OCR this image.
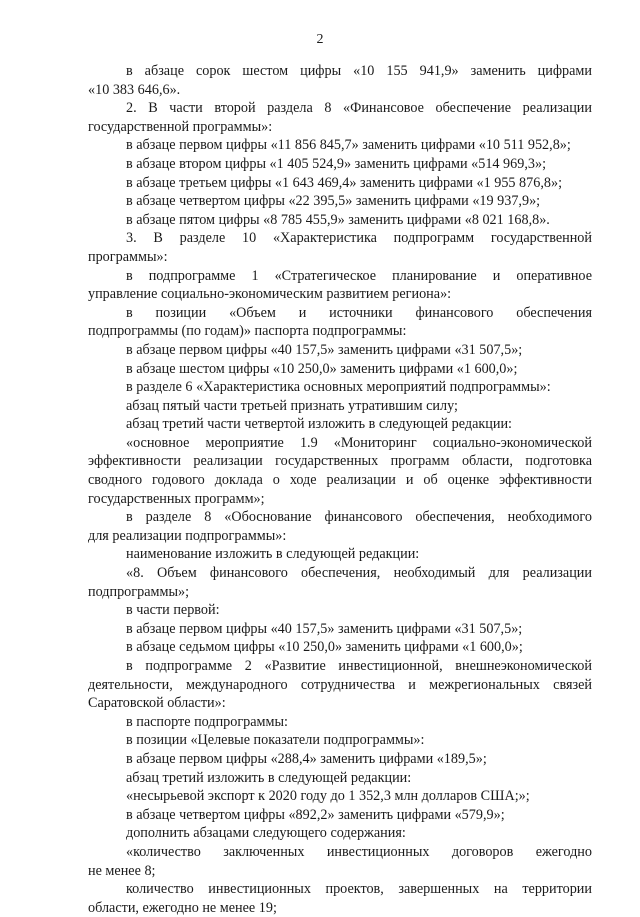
2
в абзаце сорок шестом цифры «10 155 941,9» заменить цифрами
«10 383 646,6».
2. В части второй раздела 8 «Финансовое обеспечение реализации
государственной программы»:
в абзаце первом цифры «11 856 845,7» заменить цифрами «10 511 952,8»;
в абзаце втором цифры «1 405 524,9» заменить цифрами «514 969,3»;
в абзаце третьем цифры «1 643 469,4» заменить цифрами «1 955 876,8»;
в абзаце четвертом цифры «22 395,5» заменить цифрами «19 937,9»;
в абзаце пятом цифры «8 785 455,9» заменить цифрами «8 021 168,8».
3. В разделе 10 «Характеристика подпрограмм государственной
программы»:
в подпрограмме 1 «Стратегическое планирование и оперативное
управление социально-экономическим развитием региона»:
в позиции «Объем и источники финансового обеспечения
подпрограммы (по годам)» паспорта подпрограммы:
в абзаце первом цифры «40 157,5» заменить цифрами «31 507,5»;
в абзаце шестом цифры «10 250,0» заменить цифрами «1 600,0»;
в разделе 6 «Характеристика основных мероприятий подпрограммы»:
абзац пятый части третьей признать утратившим силу;
абзац третий части четвертой изложить в следующей редакции:
«основное мероприятие 1.9 «Мониторинг социально-экономической
эффективности реализации государственных программ области, подготовка
сводного годового доклада о ходе реализации и об оценке эффективности
государственных программ»;
в разделе 8 «Обоснование финансового обеспечения, необходимого
для реализации подпрограммы»:
наименование изложить в следующей редакции:
«8. Объем финансового обеспечения, необходимый для реализации
подпрограммы»;
в части первой:
в абзаце первом цифры «40 157,5» заменить цифрами «31 507,5»;
в абзаце седьмом цифры «10 250,0» заменить цифрами «1 600,0»;
в подпрограмме 2 «Развитие инвестиционной, внешнеэкономической
деятельности, международного сотрудничества и межрегиональных связей
Саратовской области»:
в паспорте подпрограммы:
в позиции «Целевые показатели подпрограммы»:
в абзаце первом цифры «288,4» заменить цифрами «189,5»;
абзац третий изложить в следующей редакции:
«несырьевой экспорт к 2020 году до 1 352,3 млн долларов США;»;
в абзаце четвертом цифры «892,2» заменить цифрами «579,9»;
дополнить абзацами следующего содержания:
«количество заключенных инвестиционных договоров ежегодно
не менее 8;
количество инвестиционных проектов, завершенных на территории
области, ежегодно не менее 19;
